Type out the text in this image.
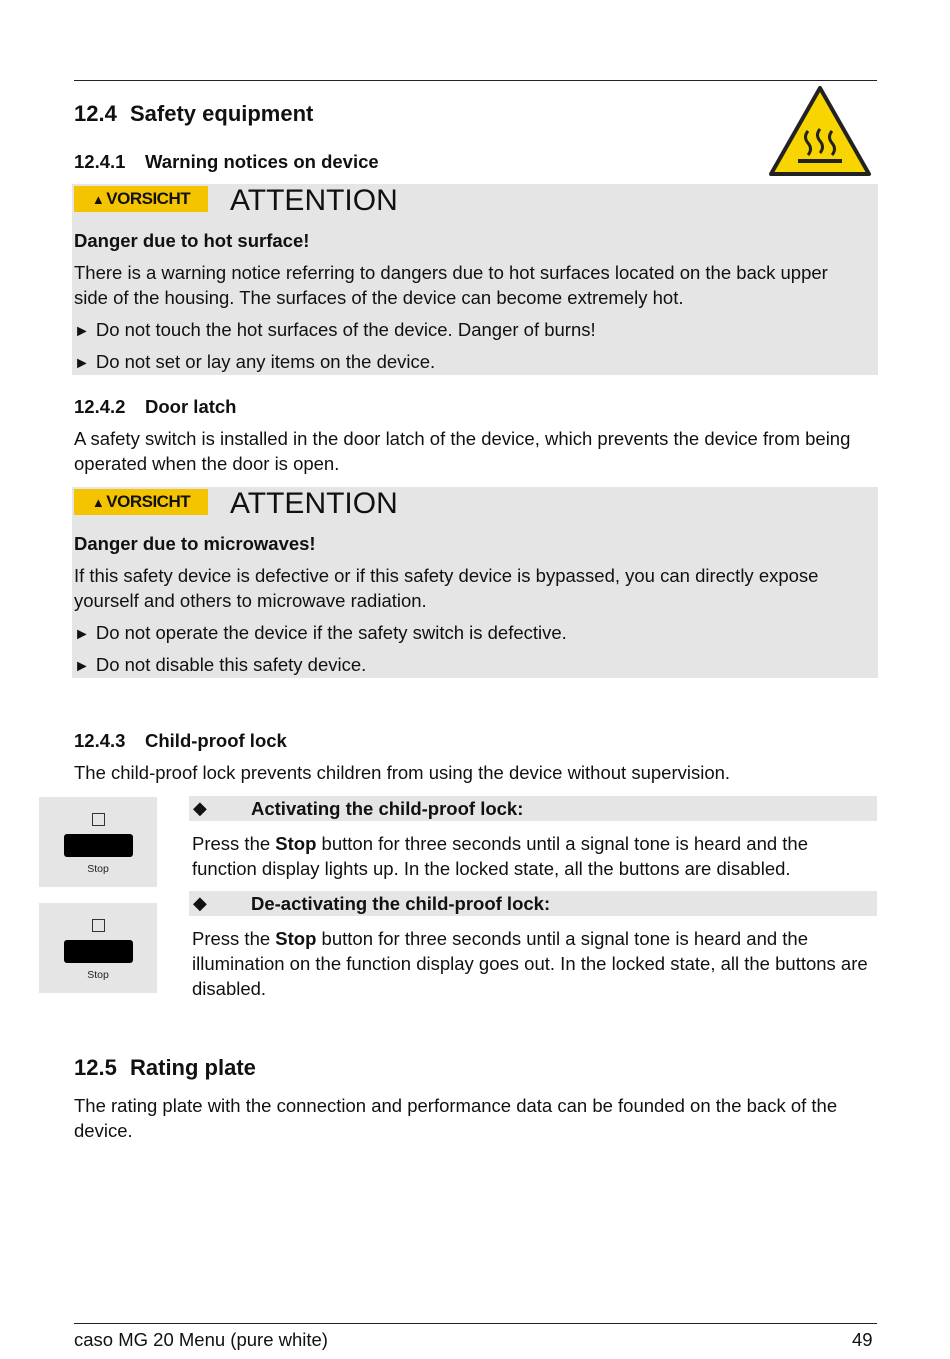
12.4 Safety equipment
12.4.1 Warning notices on device
▲ VORSICHT ATTENTION
Danger due to hot surface!

There is a warning notice referring to dangers due to hot surfaces located on the back upper side of the housing. The surfaces of the device can become extremely hot.

► Do not touch the hot surfaces of the device. Danger of burns!

► Do not set or lay any items on the device.

12.4.2 Door latch

A safety switch is installed in the door latch of the device, which prevents the device from being operated when the door is open.

▲ VORSICHT ATTENTION
Danger due to microwaves!

If this safety device is defective or if this safety device is bypassed, you can directly expose yourself and others to microwave radiation.

► Do not operate the device if the safety switch is defective.

► Do not disable this safety device.

12.4.3 Child-proof lock

The child-proof lock prevents children from using the device without supervision.

Stop
◆ Activating the child-proof lock:

Press the Stop button for three seconds until a signal tone is heard and the function display lights up. In the locked state, all the buttons are disabled.

Stop
◆ De-activating the child-proof lock:

Press the Stop button for three seconds until a signal tone is heard and the illumination on the function display goes out. In the locked state, all the buttons are disabled.

12.5 Rating plate

The rating plate with the connection and performance data can be founded on the back of the device.

caso MG 20 Menu (pure white)	49
